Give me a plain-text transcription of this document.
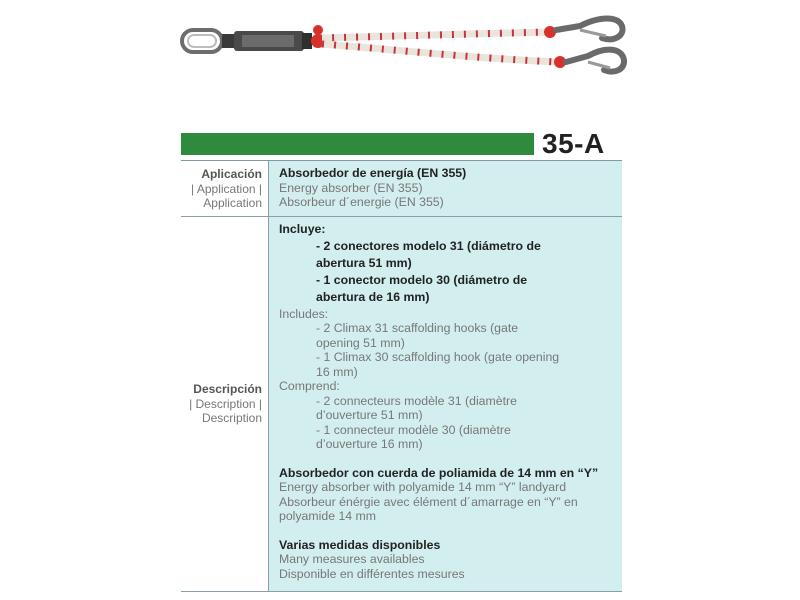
35-A
Aplicación
| Application |
Application
Absorbedor de energía (EN 355)
Energy absorber (EN 355)
Absorbeur d´energie (EN 355)
Descripción
| Description |
Description
Incluye:
- 2 conectores modelo 31 (diámetro de
abertura 51 mm)
- 1 conector modelo 30 (diámetro de
abertura de 16 mm)
Includes:
- 2 Climax 31 scaffolding hooks (gate
opening 51 mm)
- 1 Climax 30 scaffolding hook (gate opening
16 mm)
Comprend:
- 2 connecteurs modèle 31 (diamètre
d’ouverture 51 mm)
- 1 connecteur modèle 30 (diamètre
d’ouverture 16 mm)
Absorbedor con cuerda de poliamida de 14 mm en “Y”
Energy absorber with polyamide 14 mm “Y” landyard
Absorbeur énérgie avec élément d´amarrage en “Y” en
polyamide 14 mm
Varias medidas disponibles
Many measures availables
Disponible en différentes mesures
